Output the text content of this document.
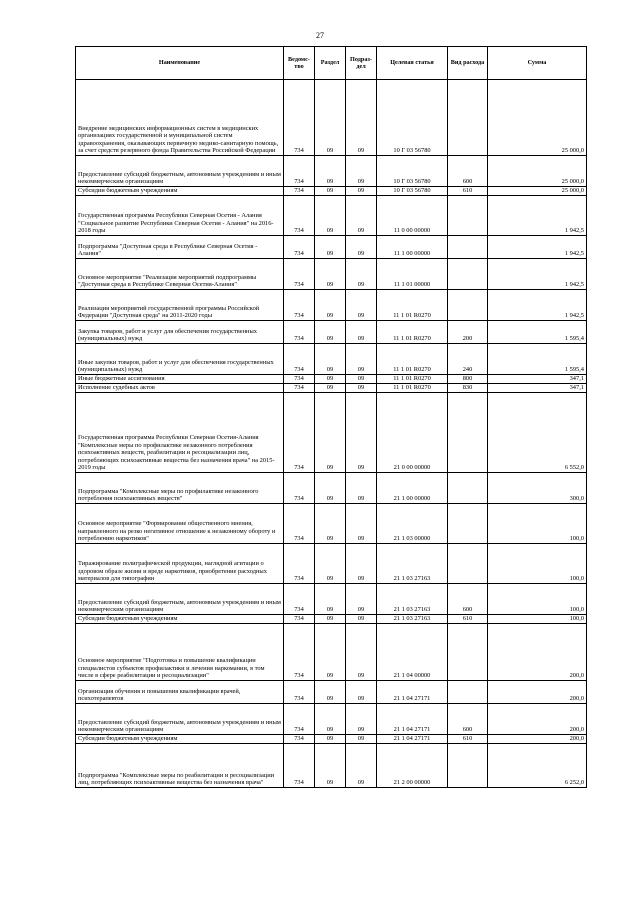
27
Наименование	Ведомс-тво	Раздел	Подраз-дел	Целевая статья	Вид расхода	Сумма
Внедрение медицинских информационных систем в медицинских организациях государственной и муниципальной систем здравоохранения, оказывающих первичную медико-санитарную помощь, за счет средств резервного фонда Правительства Российской Федерации	734	09	09	10 Г 03 56780		25 000,0
Предоставление субсидий бюджетным, автономным учреждениям и иным некоммерческим организациям	734	09	09	10 Г 03 56780	600	25 000,0
Субсидии бюджетным учреждениям	734	09	09	10 Г 03 56780	610	25 000,0
Государственная программа Республики Северная Осетия - Алания "Социальное развитие Республики Северная Осетия - Алания" на 2016-2018 годы	734	09	09	11 0 00 00000		1 942,5
Подпрограмма "Доступная среда в Республике Северная Осетия - Алания"	734	09	09	11 1 00 00000		1 942,5
Основное мероприятие "Реализация мероприятий подпрограммы "Доступная среда в Республике Северная Осетия-Алания"	734	09	09	11 1 01 00000		1 942,5
Реализация мероприятий государственной программы Российской Федерации "Доступная среда" на 2011-2020 годы	734	09	09	11 1 01 R0270		1 942,5
Закупка товаров, работ и услуг для обеспечения государственных (муниципальных) нужд	734	09	09	11 1 01 R0270	200	1 595,4
Иные закупки товаров, работ и услуг для обеспечения государственных (муниципальных) нужд	734	09	09	11 1 01 R0270	240	1 595,4
Иные бюджетные ассигнования	734	09	09	11 1 01 R0270	800	347,1
Исполнение судебных актов	734	09	09	11 1 01 R0270	830	347,1
Государственная программа Республики Северная Осетия-Алания "Комплексные меры по профилактике незаконного потребления психоактивных веществ, реабилитации и ресоциализации лиц, потребляющих психоактивные вещества без назначения врача" на 2015-2019 годы	734	09	09	21 0 00 00000		6 552,0
Подпрограмма "Комплексные меры по профилактике незаконного потребления психоактивных веществ"	734	09	09	21 1 00 00000		300,0
Основное мероприятие "Формирование общественного мнения, направленного на резко негативное отношение к незаконному обороту и потреблению наркотиков"	734	09	09	21 1 03 00000		100,0
Тиражирование полиграфической продукции, наглядной агитации о здоровом образе жизни и вреде наркотиков, приобретение расходных материалов для типографии	734	09	09	21 1 03 27163		100,0
Предоставление субсидий бюджетным, автономным учреждениям и иным некоммерческим организациям	734	09	09	21 1 03 27163	600	100,0
Субсидии бюджетным учреждениям	734	09	09	21 1 03 27163	610	100,0
Основное мероприятие "Подготовка и повышение квалификации специалистов субъектов профилактики и лечения наркомании, в том числе в сфере реабилитации и ресоциализации"	734	09	09	21 1 04 00000		200,0
Организация обучения и повышения квалификации врачей, психотерапевтов	734	09	09	21 1 04 27171		200,0
Предоставление субсидий бюджетным, автономным учреждениям и иным некоммерческим организациям	734	09	09	21 1 04 27171	600	200,0
Субсидии бюджетным учреждениям	734	09	09	21 1 04 27171	610	200,0
Подпрограмма "Комплексные меры по реабилитации и ресоциализации лиц, потребляющих психоактивные вещества без назначения врача"	734	09	09	21 2 00 00000		6 252,0
